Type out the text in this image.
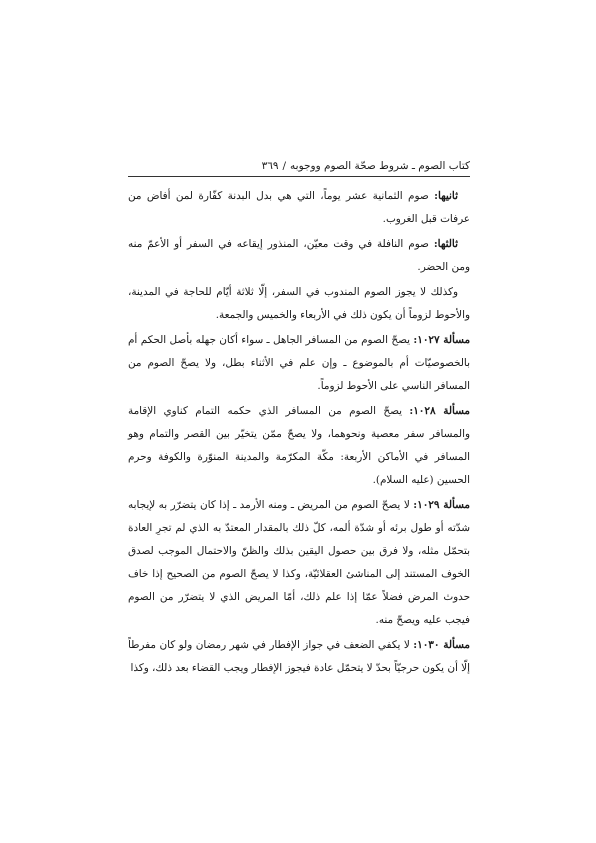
كتاب الصوم ـ شروط صحّة الصوم ووجوبه
/
٣٦٩

ثانيها: صوم الثمانية عشر يوماً، التي هي بدل البدنة كفّارة لمن أفاض من عرفات قبل الغروب.

ثالثها: صوم النافلة في وقت معيّن، المنذور إيقاعه في السفر أو الأعمّ منه ومن الحضر.

وكذلك لا يجوز الصوم المندوب في السفر، إلّا ثلاثة أيّام للحاجة في المدينة، والأحوط لزوماً أن يكون ذلك في الأربعاء والخميس والجمعة.

مسألة ١٠٢٧: يصحّ الصوم من المسافر الجاهل ـ سواء أكان جهله بأصل الحكم أم بالخصوصيّات أم بالموضوع ـ وإن علم في الأثناء بطل، ولا يصحّ الصوم من المسافر الناسي على الأحوط لزوماً.

مسألة ١٠٢٨: يصحّ الصوم من المسافر الذي حكمه التمام كناوي الإقامة والمسافر سفر معصية ونحوهما، ولا يصحّ ممّن يتخيّر بين القصر والتمام وهو المسافر في الأماكن الأربعة: مكّة المكرّمة والمدينة المنوّرة والكوفة وحرم الحسين (عليه السلام).

مسألة ١٠٢٩: لا يصحّ الصوم من المريض ـ ومنه الأرمد ـ إذا كان يتضرّر به لإيجابه شدّته أو طول برئه أو شدّة ألمه، كلّ ذلك بالمقدار المعتدّ به الذي لم تجرِ العادة بتحمّل مثله، ولا فرق بين حصول اليقين بذلك والظنّ والاحتمال الموجب لصدق الخوف المستند إلى المناشئ العقلائيّة، وكذا لا يصحّ الصوم من الصحيح إذا خاف حدوث المرض فضلاً عمّا إذا علم ذلك، أمّا المريض الذي لا يتضرّر من الصوم فيجب عليه ويصحّ منه.

مسألة ١٠٣٠: لا يكفي الضعف في جواز الإفطار في شهر رمضان ولو كان مفرطاً إلّا أن يكون حرجيّاً بحدّ لا يتحمّل عادة فيجوز الإفطار ويجب القضاء بعد ذلك، وكذا
